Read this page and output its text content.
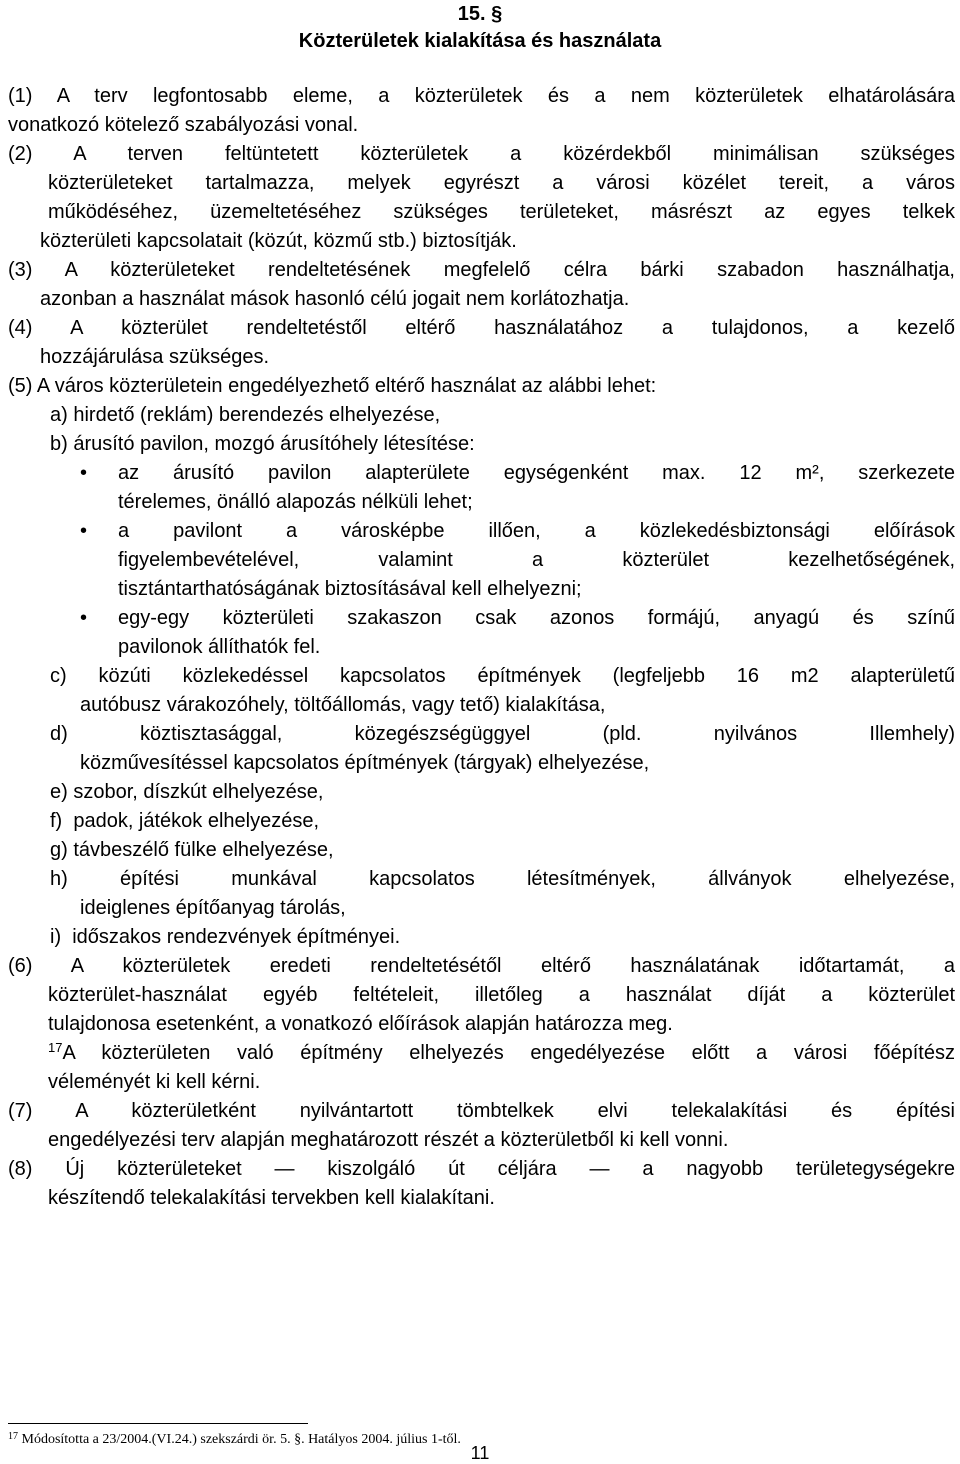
15. §
Közterületek kialakítása és használata
(1) A terv legfontosabb eleme, a közterületek és a nem közterületek elhatárolására
vonatkozó kötelező szabályozási vonal.
(2) A terven feltüntetett közterületek a közérdekből minimálisan szükséges
közterületeket tartalmazza, melyek egyrészt a városi közélet tereit, a város
működéséhez, üzemeltetéséhez szükséges területeket, másrészt az egyes telkek
közterületi kapcsolatait (közút, közmű stb.) biztosítják.
(3) A közterületeket rendeltetésének megfelelő célra bárki szabadon használhatja,
azonban a használat mások hasonló célú jogait nem korlátozhatja.
(4) A közterület rendeltetéstől eltérő használatához a tulajdonos, a kezelő
hozzájárulása szükséges.
(5) A város közterületein engedélyezhető eltérő használat az alábbi lehet:
a) hirdető (reklám) berendezés elhelyezése,
b) árusító pavilon, mozgó árusítóhely létesítése:
• az árusító pavilon alapterülete egységenként max. 12 m², szerkezete
térelemes, önálló alapozás nélküli lehet;
• a pavilont a városképbe illően, a közlekedésbiztonsági előírások
figyelembevételével, valamint a közterület kezelhetőségének,
tisztántarthatóságának biztosításával kell elhelyezni;
• egy-egy közterületi szakaszon csak azonos formájú, anyagú és színű
pavilonok állíthatók fel.
c) közúti közlekedéssel kapcsolatos építmények (legfeljebb 16 m2 alapterületű
autóbusz várakozóhely, töltőállomás, vagy tető) kialakítása,
d) köztisztasággal, közegészségüggyel (pld. nyilvános Illemhely)
közművesítéssel kapcsolatos építmények (tárgyak) elhelyezése,
e) szobor, díszkút elhelyezése,
f)  padok, játékok elhelyezése,
g) távbeszélő fülke elhelyezése,
h) építési munkával kapcsolatos létesítmények, állványok elhelyezése,
ideiglenes építőanyag tárolás,
i)  időszakos rendezvények építményei.
(6) A közterületek eredeti rendeltetésétől eltérő használatának időtartamát, a
közterület-használat egyéb feltételeit, illetőleg a használat díját a közterület
tulajdonosa esetenként, a vonatkozó előírások alapján határozza meg.
$^{17}$A közterületen való építmény elhelyezés engedélyezése előtt a városi főépítész
véleményét ki kell kérni.
(7) A közterületként nyilvántartott tömbtelkek elvi telekalakítási és építési
engedélyezési terv alapján meghatározott részét a közterületből ki kell vonni.
(8) Új közterületeket — kiszolgáló út céljára — a nagyobb területegységekre
készítendő telekalakítási tervekben kell kialakítani.
$^{17}$ Módosította a 23/2004.(VI.24.) szekszárdi ör. 5. §. Hatályos 2004. július 1-től.
11
